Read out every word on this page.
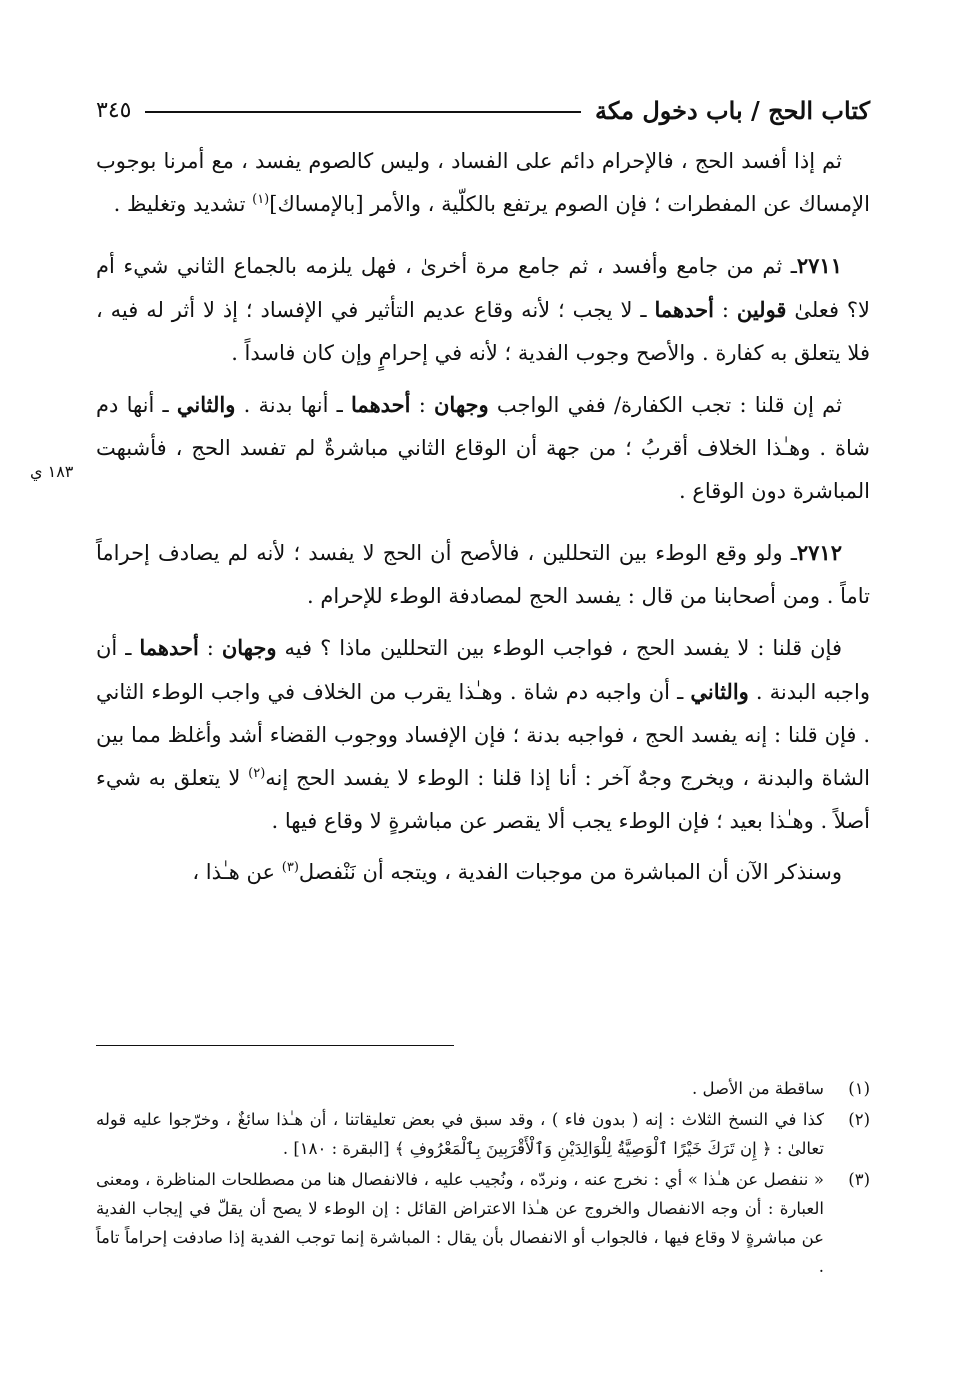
كتاب الحج / باب دخول مكة
٣٤٥

ثم إذا أفسد الحج ، فالإحرام دائم على الفساد ، وليس كالصوم يفسد ، مع أمرنا بوجوب الإمساك عن المفطرات ؛ فإن الصوم يرتفع بالكلّية ، والأمر [بالإمساك]$^{(١)}$ تشديد وتغليظ .

٢٧١١ـ ثم من جامع وأفسد ، ثم جامع مرة أخرىٰ ، فهل يلزمه بالجماع الثاني شيء أم لا؟ فعلىٰ قولين : أحدهما ـ لا يجب ؛ لأنه وقاع عديم التأثير في الإفساد ؛ إذ لا أثر له فيه ، فلا يتعلق به كفارة . والأصح وجوب الفدية ؛ لأنه في إحرامٍ وإن كان فاسداً .

ثم إن قلنا : تجب الكفارة/ ففي الواجب وجهان : أحدهما ـ أنها بدنة . والثاني ـ أنها دم شاة . وهـٰذا الخلاف أقربُ ؛ من جهة أن الوقاع الثاني مباشرةٌ لم تفسد الحج ، فأشبهت المباشرة دون الوقاع .

٢٧١٢ـ ولو وقع الوطء بين التحللين ، فالأصح أن الحج لا يفسد ؛ لأنه لم يصادف إحراماً تاماً . ومن أصحابنا من قال : يفسد الحج لمصادفة الوطء للإحرام .

فإن قلنا : لا يفسد الحج ، فواجب الوطء بين التحللين ماذا ؟ فيه وجهان : أحدهما ـ أن واجبه البدنة . والثاني ـ أن واجبه دم شاة . وهـٰذا يقرب من الخلاف في واجب الوطء الثاني . فإن قلنا : إنه يفسد الحج ، فواجبه بدنة ؛ فإن الإفساد ووجوب القضاء أشد وأغلظ مما بين الشاة والبدنة ، ويخرج وجهٌ آخر : أنا إذا قلنا : الوطء لا يفسد الحج إنه$^{(٢)}$ لا يتعلق به شيء أصلاً . وهـٰذا بعيد ؛ فإن الوطء يجب ألا يقصر عن مباشرةٍ لا وقاع فيها .

وسنذكر الآن أن المباشرة من موجبات الفدية ، ويتجه أن نَنْفصل$^{(٣)}$ عن هـٰذا ،

(١)
ساقطة من الأصل .
(٢)
كذا في النسخ الثلاث : إنه ( بدون فاء ) ، وقد سبق في بعض تعليقاتنا ، أن هـٰذا سائغٌ ، وخرّجوا عليه قوله تعالىٰ : ﴿ إِن تَرَكَ خَيْرًا ٱلْوَصِيَّةُ لِلْوَالِدَيْنِ وَٱلْأَقْرَبِينَ بِٱلْمَعْرُوفِ ﴾ [البقرة : ١٨٠] .
(٣)
« ننفصل عن هـٰذا » أي : نخرج عنه ، ونردّه ، ونُجيب عليه ، فالانفصال هنا من مصطلحات المناظرة ، ومعنى العبارة : أن وجه الانفصال والخروج عن هـٰذا الاعتراض القائل : إن الوطء لا يصح أن يقلّ في إيجاب الفدية عن مباشرةٍ لا وقاع فيها ، فالجواب أو الانفصال بأن يقال : المباشرة إنما توجب الفدية إذا صادفت إحراماً تاماً .
١٨٣ ي
